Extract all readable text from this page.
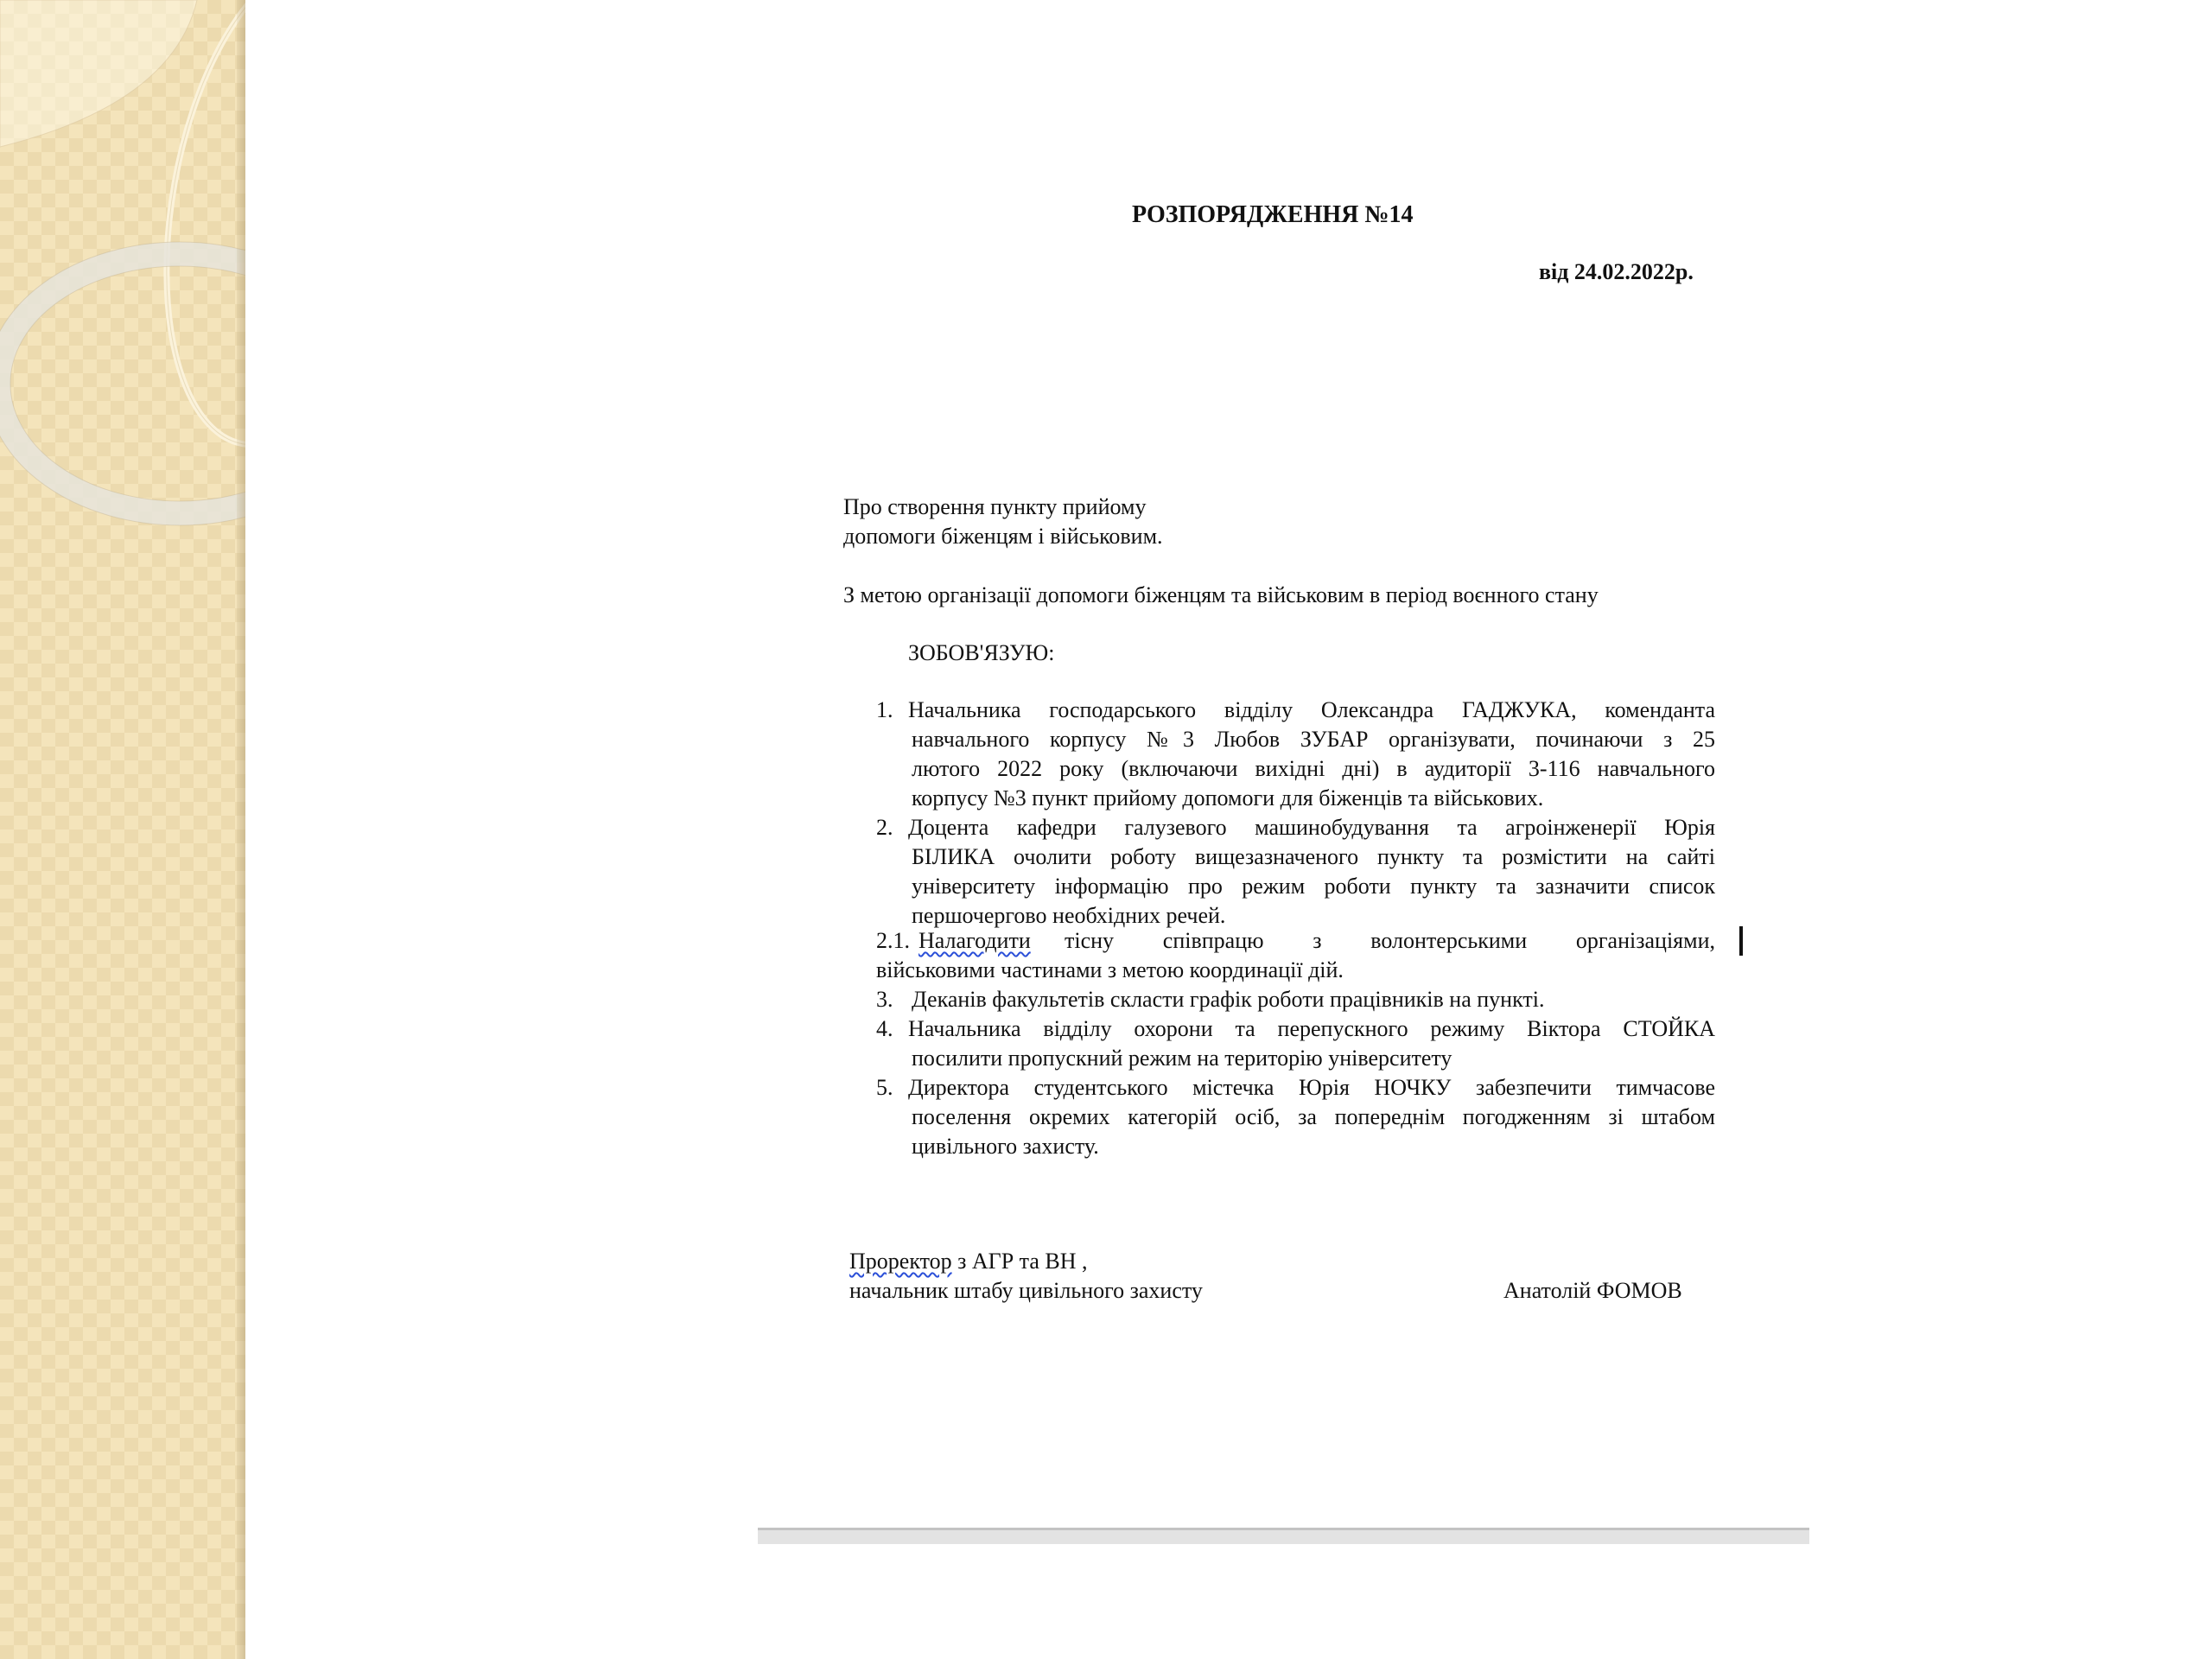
РОЗПОРЯДЖЕННЯ №14
від 24.02.2022р.
Про створення пункту прийому
допомоги біженцям і військовим.
З метою організації допомоги біженцям та військовим в період воєнного стану
ЗОБОВ'ЯЗУЮ:
1. Начальника господарського відділу Олександра ГАДЖУКА, коменданта
навчального корпусу №3 Любов ЗУБАР організувати, починаючи з 25
лютого 2022 року (включаючи вихідні дні) в аудиторії 3-116 навчального
корпусу №3 пункт прийому допомоги для біженців та військових.
2. Доцента кафедри галузевого машинобудування та агроінженерії Юрія
БІЛИКА очолити роботу вищезазначеного пункту та розмістити на сайті
університету інформацію про режим роботи пункту та зазначити список
першочергово необхідних речей.
2.1. Налагодити тісну співпрацю з волонтерськими організаціями,
військовими частинами з метою координації дій.
3. Деканів факультетів скласти графік роботи працівників на пункті.
4. Начальника відділу охорони та перепускного режиму Віктора СТОЙКА
посилити пропускний режим на територію університету
5. Директора студентського містечка Юрія НОЧКУ забезпечити тимчасове
поселення окремих категорій осіб, за попереднім погодженням зі штабом
цивільного захисту.
Проректор з АГР та ВН ,
начальник штабу цивільного захисту	Анатолій ФОМОВ
